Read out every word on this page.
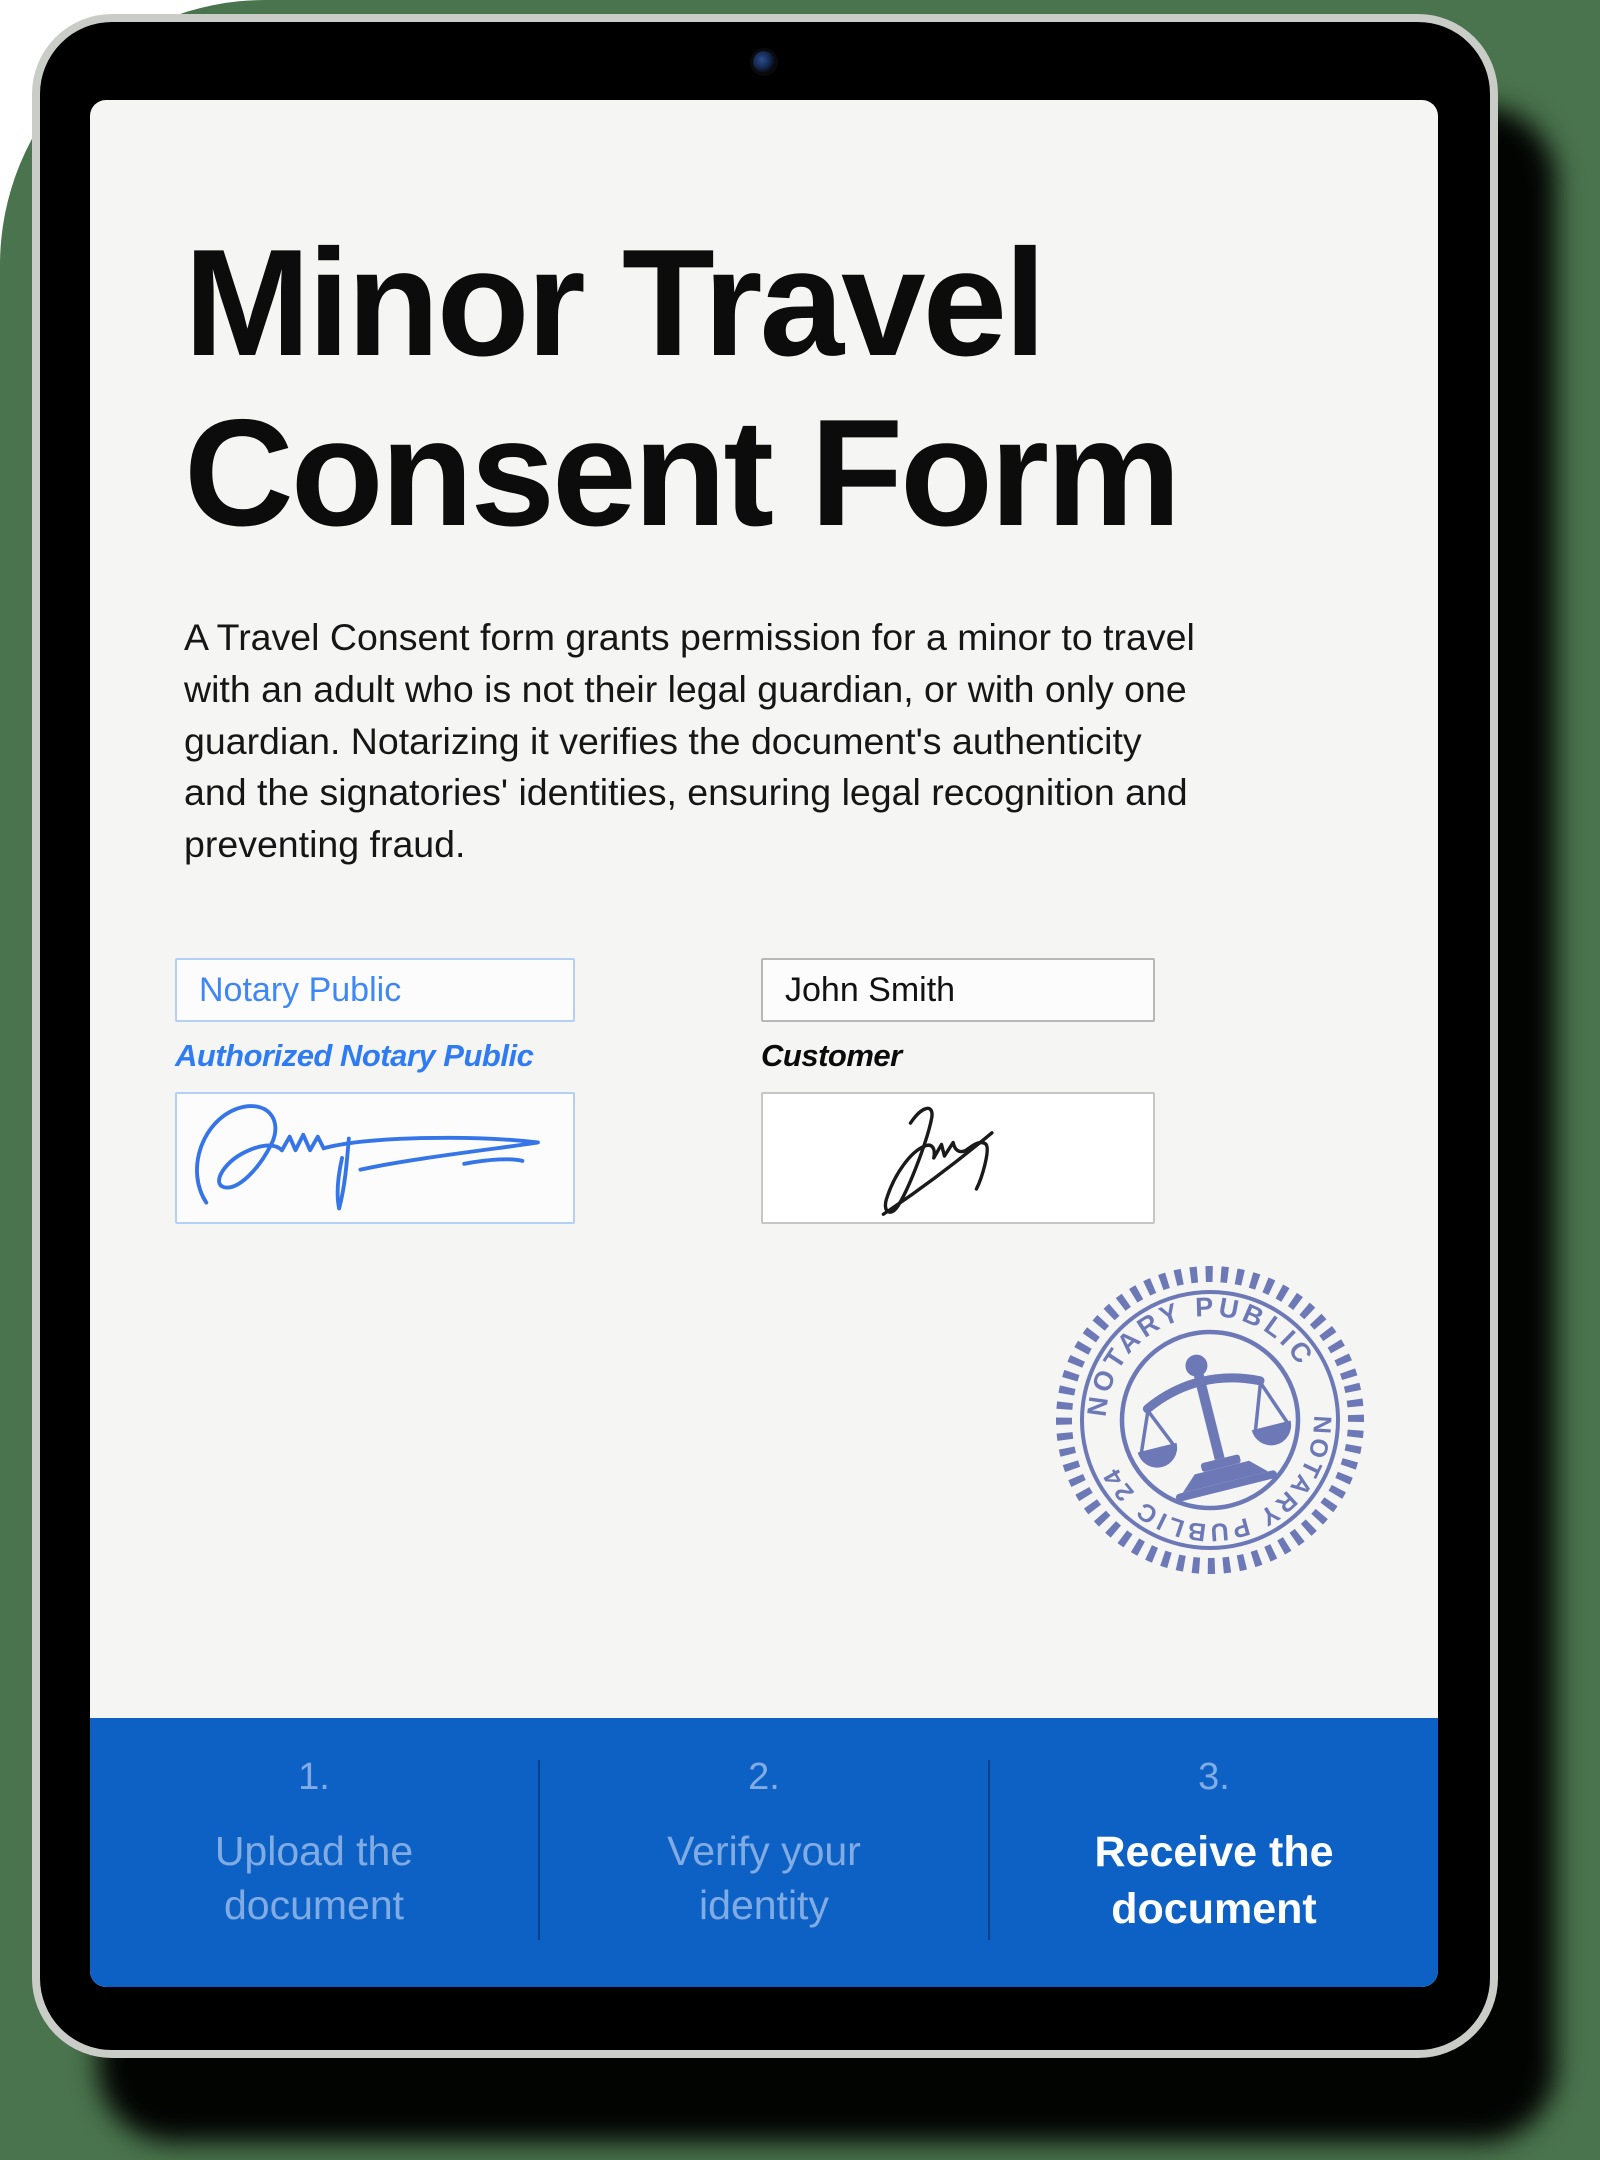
Minor Travel
Consent Form

A Travel Consent form grants permission for a minor to travel with an adult who is not their legal guardian, or with only one guardian. Notarizing it verifies the document's authenticity and the signatories' identities, ensuring legal recognition and preventing fraud.

Notary Public
John Smith
Authorized Notary Public	Customer
NOTARY PUBLIC
NOTARY PUBLIC 24
1.
Upload the document
2.
Verify your identity
3.
Receive the document
